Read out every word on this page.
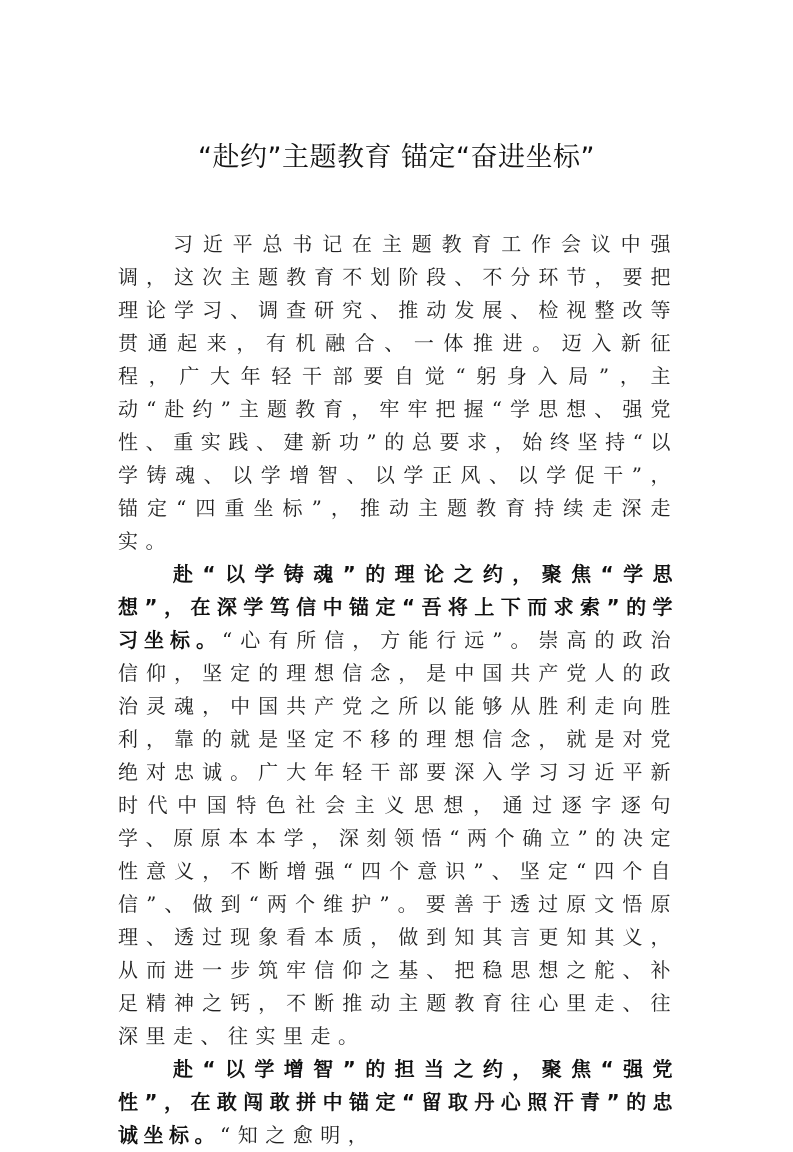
“赴约”主题教育 锚定“奋进坐标”

习近平总书记在主题教育工作会议中强调，这次主题教育不划阶段、不分环节，要把理论学习、调查研究、推动发展、检视整改等贯通起来，有机融合、一体推进。迈入新征程，广大年轻干部要自觉“躬身入局”，主动“赴约”主题教育，牢牢把握“学思想、强党性、重实践、建新功”的总要求，始终坚持“以学铸魂、以学增智、以学正风、以学促干”，锚定“四重坐标”，推动主题教育持续走深走实。

赴“以学铸魂”的理论之约，聚焦“学思想”，在深学笃信中锚定“吾将上下而求索”的学习坐标。“心有所信，方能行远”。崇高的政治信仰，坚定的理想信念，是中国共产党人的政治灵魂，中国共产党之所以能够从胜利走向胜利，靠的就是坚定不移的理想信念，就是对党绝对忠诚。广大年轻干部要深入学习习近平新时代中国特色社会主义思想，通过逐字逐句学、原原本本学，深刻领悟“两个确立”的决定性意义，不断增强“四个意识”、坚定“四个自信”、做到“两个维护”。要善于透过原文悟原理、透过现象看本质，做到知其言更知其义，从而进一步筑牢信仰之基、把稳思想之舵、补足精神之钙，不断推动主题教育往心里走、往深里走、往实里走。

赴“以学增智”的担当之约，聚焦“强党性”，在敢闯敢拼中锚定“留取丹心照汗青”的忠诚坐标。“知之愈明，
